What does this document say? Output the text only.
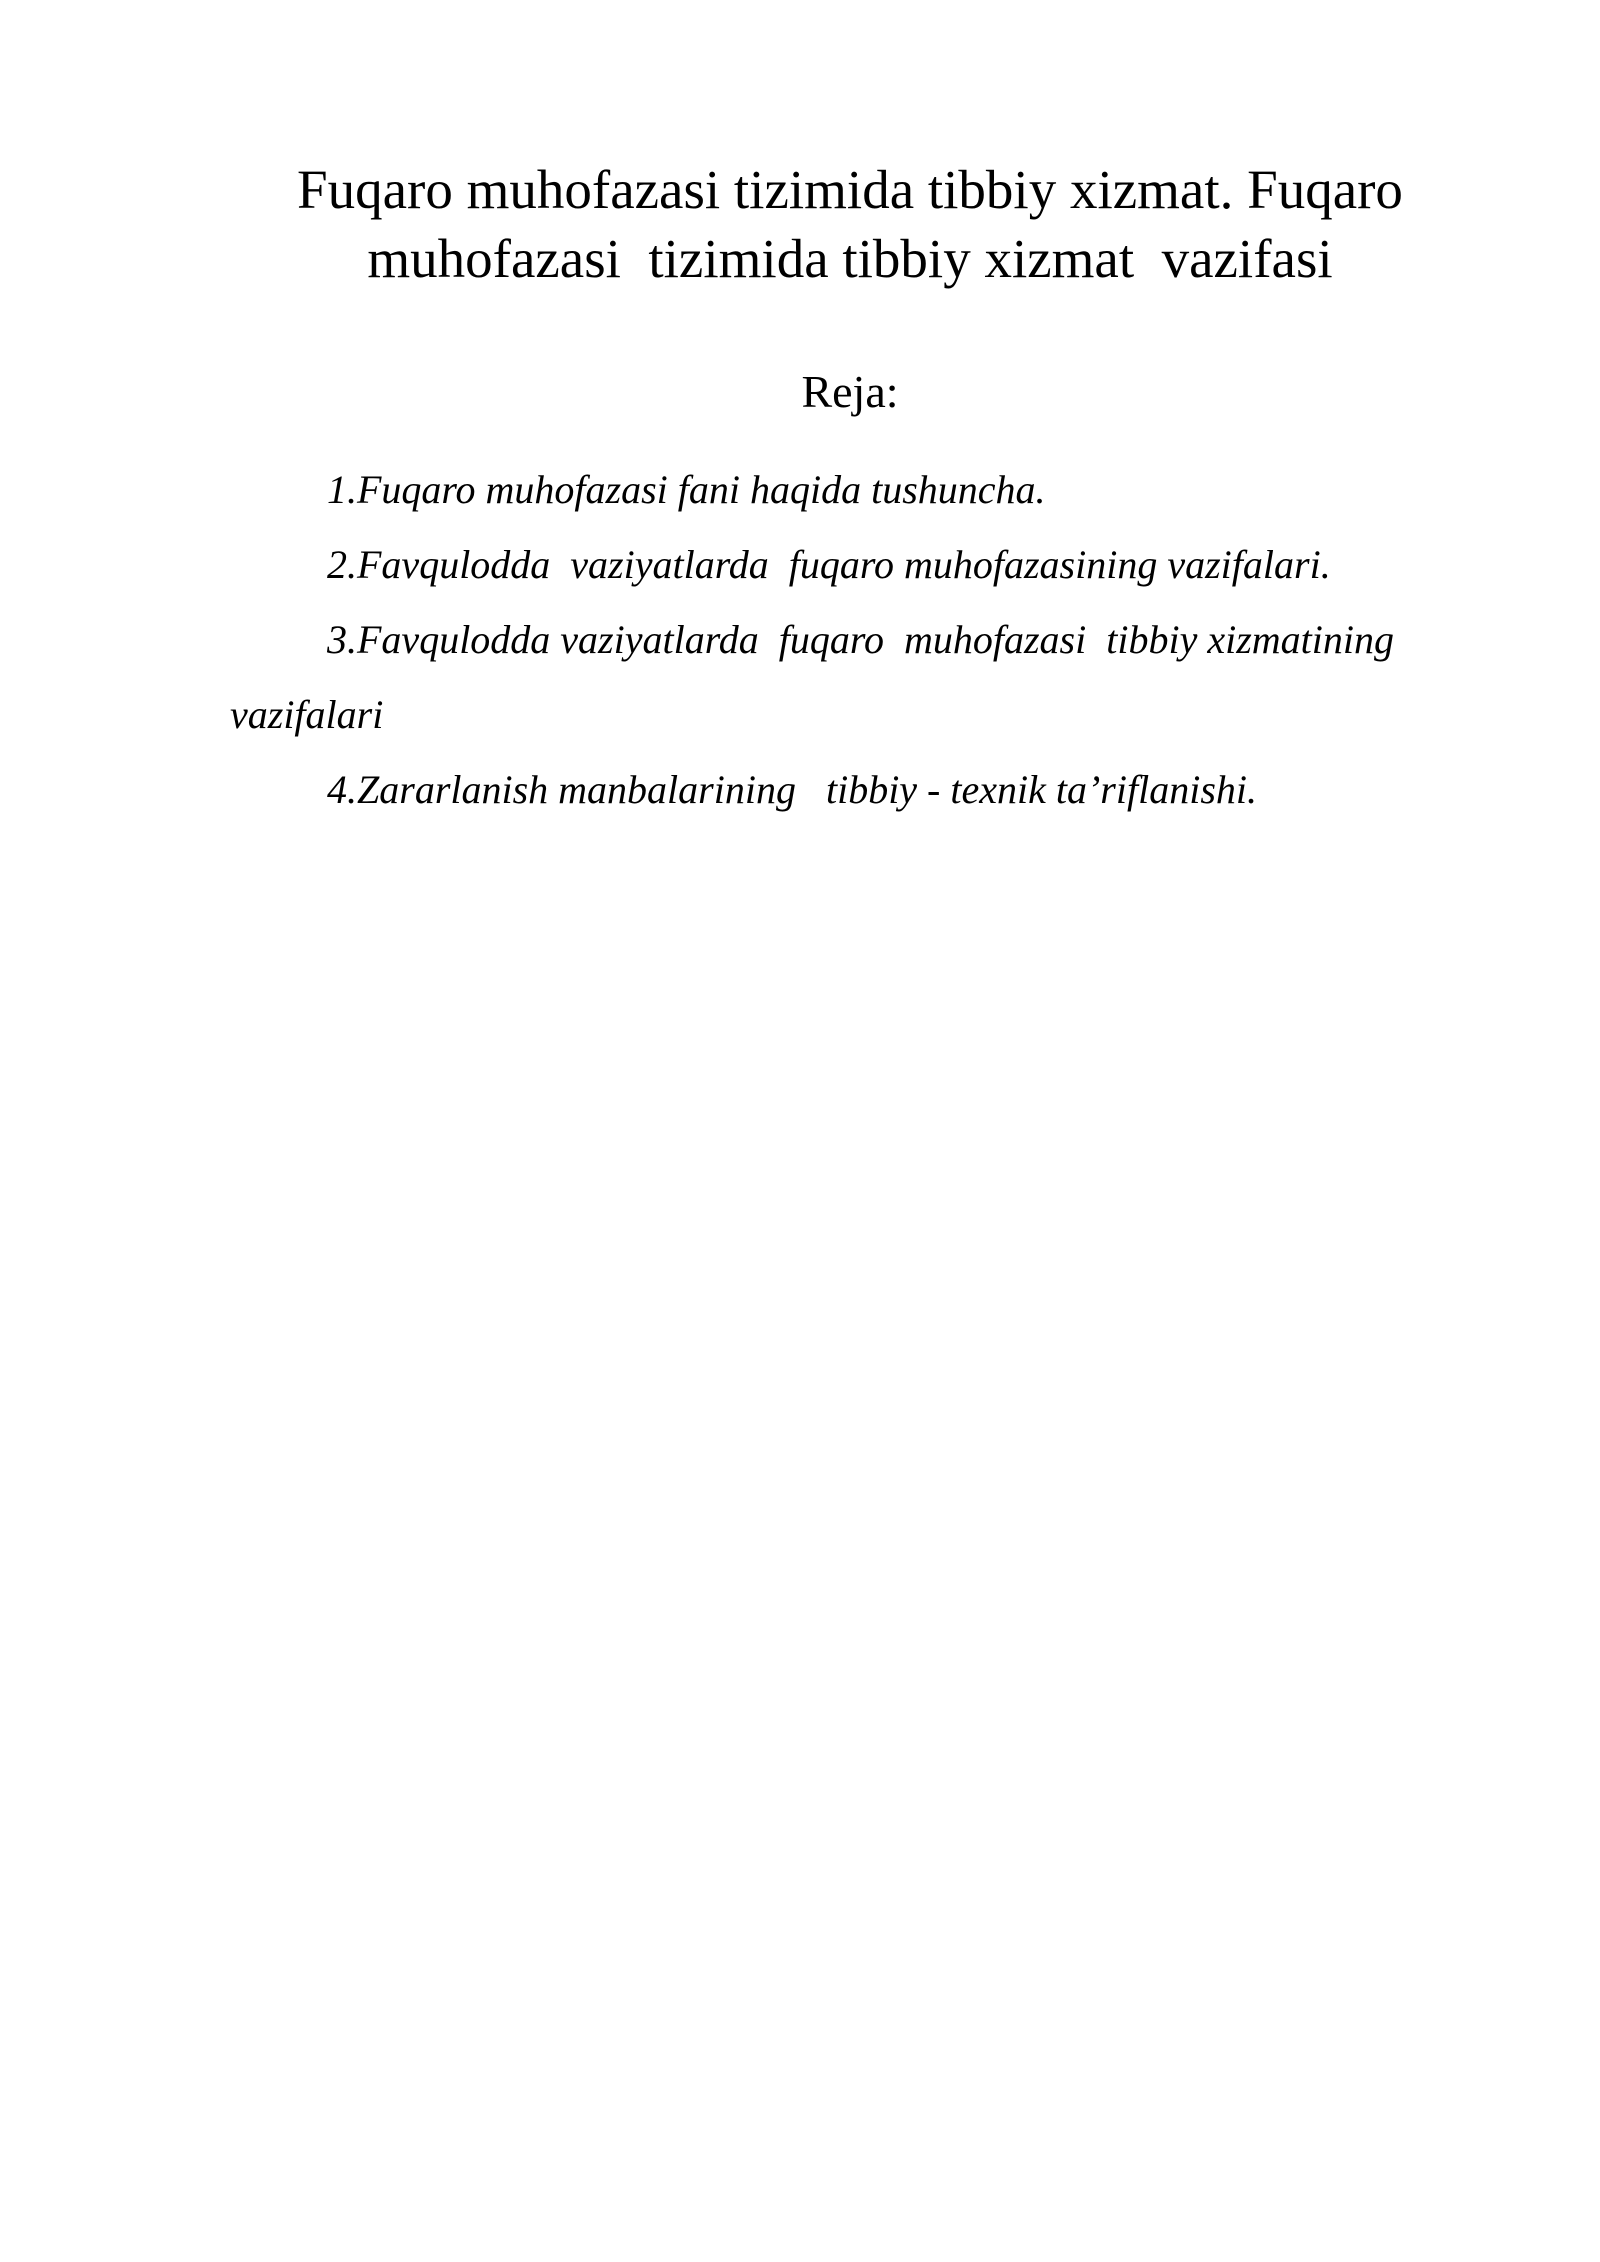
Fuqaro muhofazasi tizimida tibbiy xizmat. Fuqaro
muhofazasi  tizimida tibbiy xizmat  vazifasi

Reja:

1.Fuqaro muhofazasi fani haqida tushuncha.
2.Favqulodda  vaziyatlarda  fuqaro muhofazasining vazifalari.
3.Favqulodda vaziyatlarda  fuqaro  muhofazasi  tibbiy xizmatining vazifalari
4.Zararlanish manbalarining   tibbiy - texnik ta’riflanishi.
